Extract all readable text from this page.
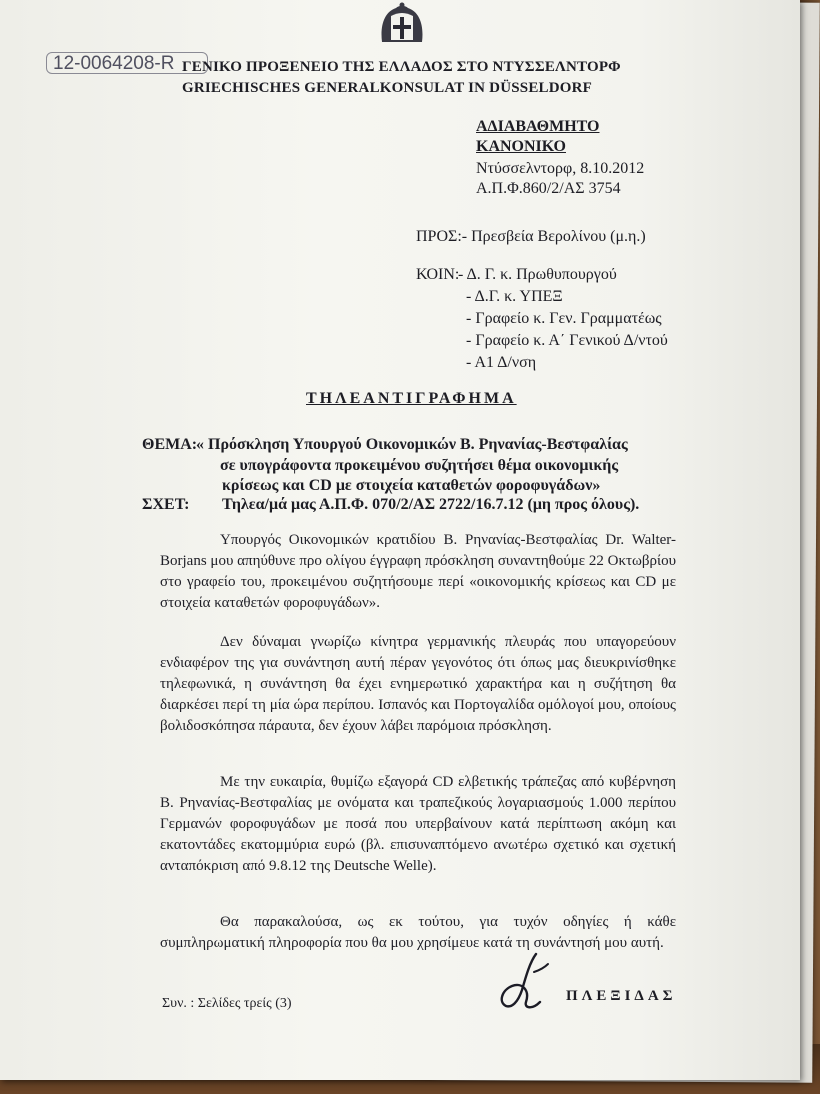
12-0064208-R ΓΕΝΙΚΟ ΠΡΟΞΕΝΕΙΟ ΤΗΣ ΕΛΛΑΔΟΣ ΣΤΟ ΝΤΥΣΣΕΛΝΤΟΡΦ
GRIECHISCHES GENERALKONSULAT IN DÜSSELDORF
ΑΔΙΑΒΑΘΜΗΤΟ
ΚΑΝΟΝΙΚΟ
Ντύσσελντορφ, 8.10.2012
Α.Π.Φ.860/2/ΑΣ 3754
ΠΡΟΣ:- Πρεσβεία Βερολίνου (μ.η.)
ΚΟΙΝ:
- Δ. Γ. κ. Πρωθυπουργού
- Δ.Γ. κ. ΥΠΕΞ
- Γραφείο κ. Γεν. Γραμματέως
- Γραφείο κ. Α΄ Γενικού Δ/ντού
- Α1 Δ/νση
ΤΗΛΕΑΝΤΙΓΡΑΦΗΜΑ
ΘΕΜΑ:
« Πρόσκληση Υπουργού Οικονομικών Β. Ρηνανίας-Βεστφαλίας
σε υπογράφοντα προκειμένου συζητήσει θέμα οικονομικής
κρίσεως και CD με στοιχεία καταθετών φοροφυγάδων»
ΣΧΕΤ: Τηλεα/μά μας Α.Π.Φ. 070/2/ΑΣ 2722/16.7.12 (μη προς όλους).

Υπουργός Οικονομικών κρατιδίου Β. Ρηνανίας-Βεστφαλίας Dr. Walter-Borjans μου απηύθυνε προ ολίγου έγγραφη πρόσκληση συναντηθούμε 22 Οκτωβρίου στο γραφείο του, προκειμένου συζητήσουμε περί «οικονομικής κρίσεως και CD με στοιχεία καταθετών φοροφυγάδων».

Δεν δύναμαι γνωρίζω κίνητρα γερμανικής πλευράς που υπαγορεύουν ενδιαφέρον της για συνάντηση αυτή πέραν γεγονότος ότι όπως μας διευκρινίσθηκε τηλεφωνικά, η συνάντηση θα έχει ενημερωτικό χαρακτήρα και η συζήτηση θα διαρκέσει περί τη μία ώρα περίπου. Ισπανός και Πορτογαλίδα ομόλογοί μου, οποίους βολιδοσκόπησα πάραυτα, δεν έχουν λάβει παρόμοια πρόσκληση.

Με την ευκαιρία, θυμίζω εξαγορά CD ελβετικής τράπεζας από κυβέρνηση Β. Ρηνανίας-Βεστφαλίας με ονόματα και τραπεζικούς λογαριασμούς 1.000 περίπου Γερμανών φοροφυγάδων με ποσά που υπερβαίνουν κατά περίπτωση ακόμη και εκατοντάδες εκατομμύρια ευρώ (βλ. επισυναπτόμενο ανωτέρω σχετικό και σχετική ανταπόκριση από 9.8.12 της Deutsche Welle).

Θα παρακαλούσα, ως εκ τούτου, για τυχόν οδηγίες ή κάθε συμπληρωματική πληροφορία που θα μου χρησίμευε κατά τη συνάντησή μου αυτή.

Συν. : Σελίδες τρείς (3)	ΠΛΕΞΙΔΑΣ
